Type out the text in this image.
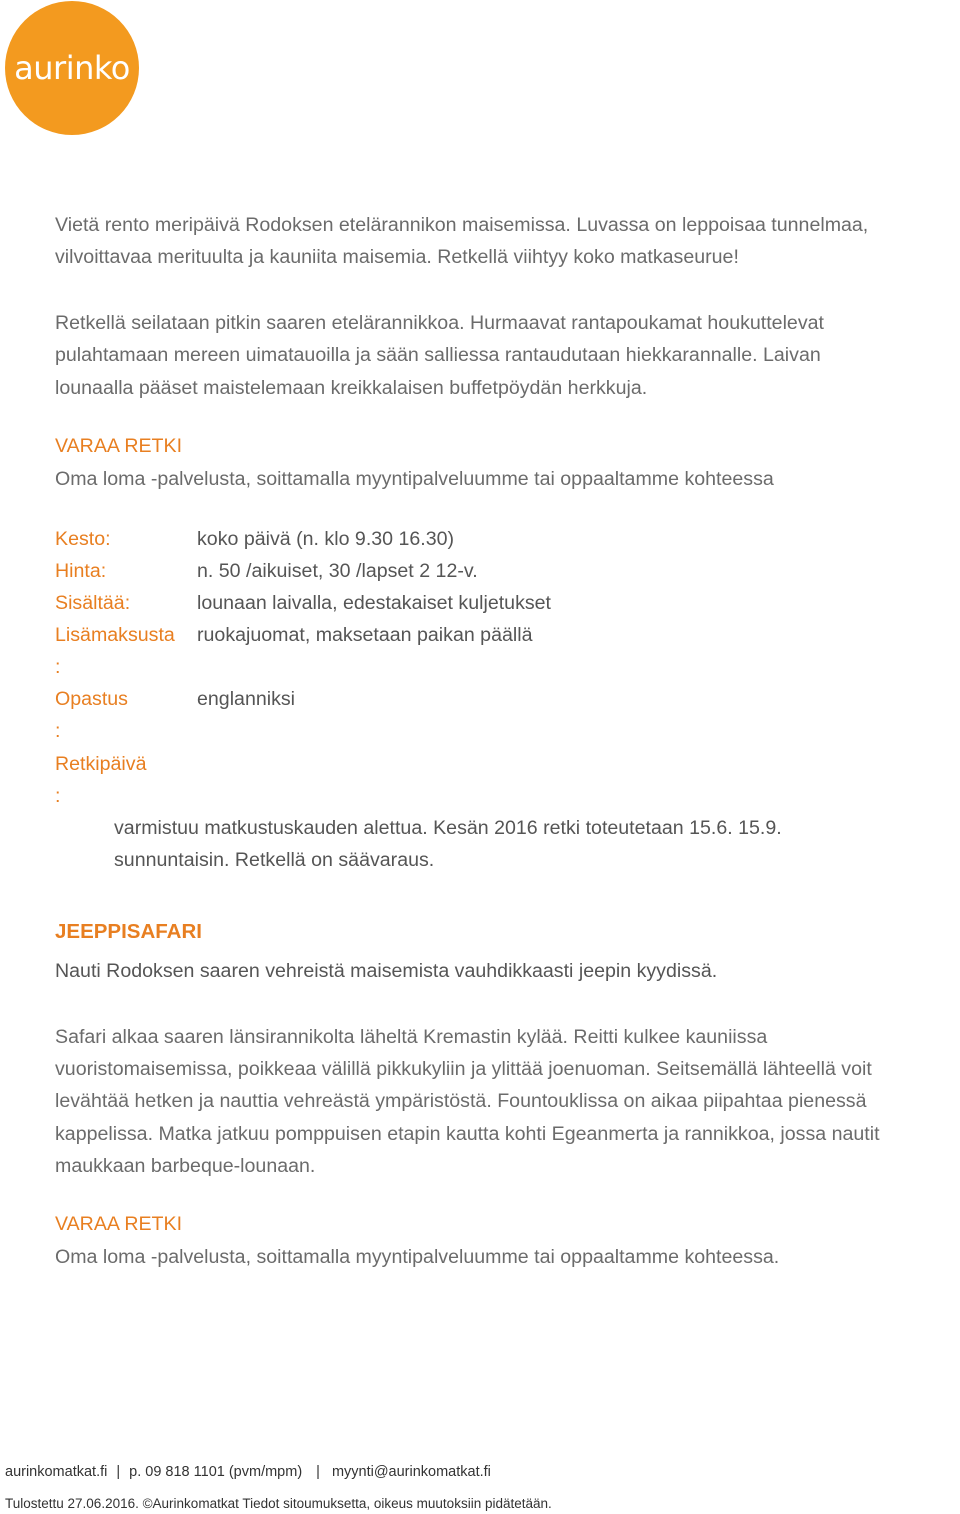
aurinko

Vietä rento meripäivä Rodoksen etelärannikon maisemissa. Luvassa on leppoisaa tunnelmaa,

vilvoittavaa merituulta ja kauniita maisemia. Retkellä viihtyy koko matkaseurue!

Retkellä seilataan pitkin saaren etelärannikkoa. Hurmaavat rantapoukamat houkuttelevat

pulahtamaan mereen uimatauoilla ja sään salliessa rantaudutaan hiekkarannalle. Laivan

lounaalla pääset maistelemaan kreikkalaisen buffetpöydän herkkuja.

VARAA RETKI

Oma loma -palvelusta, soittamalla myyntipalveluumme tai oppaaltamme kohteessa

Kesto:	koko päivä (n. klo 9.30 16.30)
Hinta:	n. 50 /aikuiset, 30 /lapset 2 12-v.
Sisältää:	lounaan laivalla, edestakaiset kuljetukset
Lisämaksusta ruokajuomat, maksetaan paikan päällä
:
Opastus	englanniksi
:
Retkipäivä
:
varmistuu matkustuskauden alettua. Kesän 2016 retki toteutetaan 15.6. 15.9.
sunnuntaisin. Retkellä on säävaraus.

JEEPPISAFARI

Nauti Rodoksen saaren vehreistä maisemista vauhdikkaasti jeepin kyydissä.

Safari alkaa saaren länsirannikolta läheltä Kremastin kylää. Reitti kulkee kauniissa

vuoristomaisemissa, poikkeaa välillä pikkukyliin ja ylittää joenuoman. Seitsemällä lähteellä voit

levähtää hetken ja nauttia vehreästä ympäristöstä. Fountouklissa on aikaa piipahtaa pienessä

kappelissa. Matka jatkuu pomppuisen etapin kautta kohti Egeanmerta ja rannikkoa, jossa nautit

maukkaan barbeque-lounaan.

VARAA RETKI

Oma loma -palvelusta, soittamalla myyntipalveluumme tai oppaaltamme kohteessa.

aurinkomatkat.fi | p. 09 818 1101 (pvm/mpm) | myynti@aurinkomatkat.fi
Tulostettu 27.06.2016. ©Aurinkomatkat Tiedot sitoumuksetta, oikeus muutoksiin pidätetään.
